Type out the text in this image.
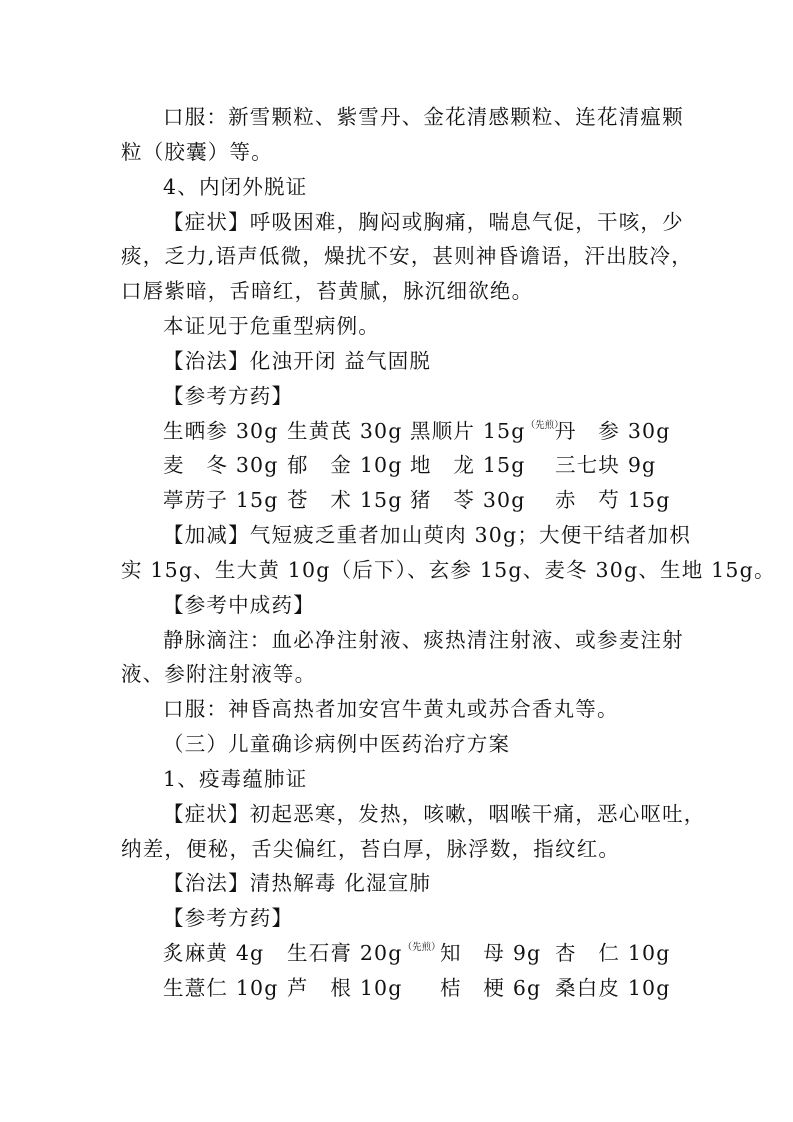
口服：新雪颗粒、紫雪丹、金花清感颗粒、连花清瘟颗
粒（胶囊）等。
4、内闭外脱证
【症状】呼吸困难，胸闷或胸痛，喘息气促，干咳，少
痰，乏力,语声低微，燥扰不安，甚则神昏谵语，汗出肢冷，
口唇紫暗，舌暗红，苔黄腻，脉沉细欲绝。
本证见于危重型病例。
【治法】化浊开闭 益气固脱
【参考方药】
生晒参 30g 生黄芪 30g 黑顺片 15g$^{(先煎)}$
丹　参 30g
麦　冬 30g 郁　金 10g 地　龙 15g 三七块 9g
葶苈子 15g 苍　术 15g 猪　苓 30g 赤　芍 15g
【加减】气短疲乏重者加山萸肉 30g；大便干结者加枳
实 15g、生大黄 10g（后下）、玄参 15g、麦冬 30g、生地 15g。
【参考中成药】
静脉滴注：血必净注射液、痰热清注射液、或参麦注射
液、参附注射液等。
口服：神昏高热者加安宫牛黄丸或苏合香丸等。
（三）儿童确诊病例中医药治疗方案
1、疫毒蕴肺证
【症状】初起恶寒，发热，咳嗽，咽喉干痛，恶心呕吐，
纳差，便秘，舌尖偏红，苔白厚，脉浮数，指纹红。
【治法】清热解毒 化湿宣肺
【参考方药】
炙麻黄 4g 生石膏 20g$^{(先煎)}$ 知　母 9g 杏　仁 10g
生薏仁 10g 芦　根 10g 桔　梗 6g 桑白皮 10g
